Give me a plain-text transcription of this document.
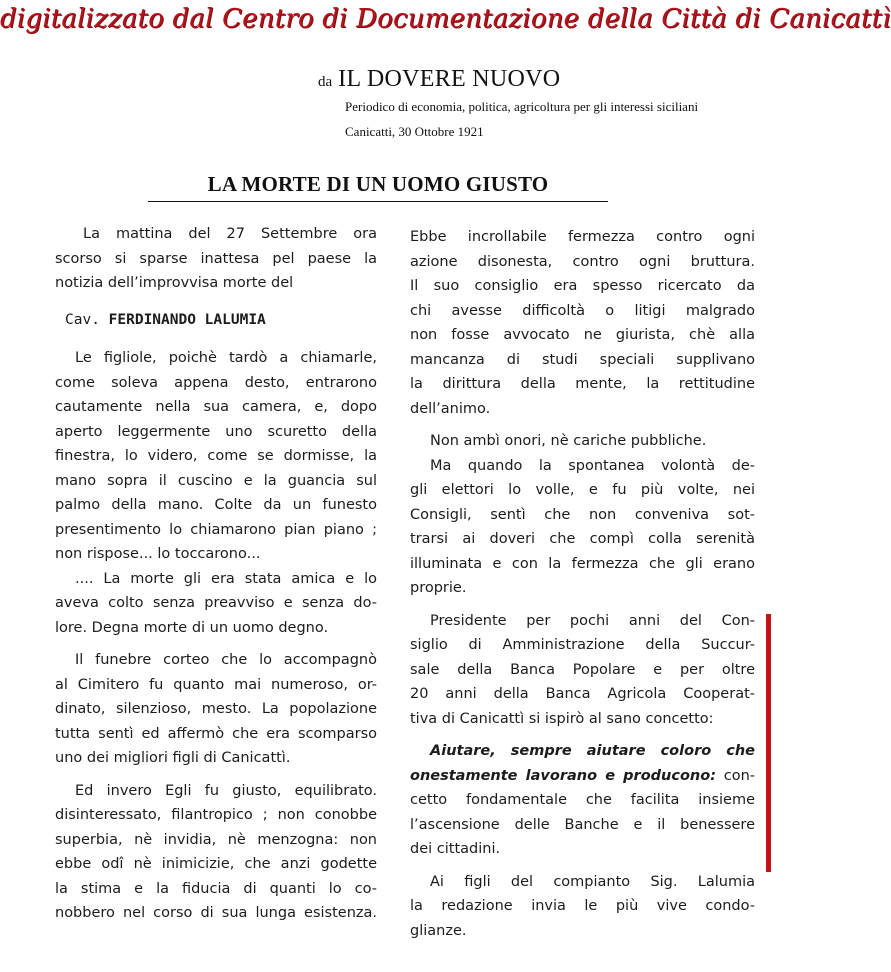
digitalizzato dal Centro di Documentazione della Città di Canicattì
da IL DOVERE NUOVO
Periodico di economia, politica, agricoltura per gli interessi siciliani
Canicatti, 30 Ottobre 1921
LA MORTE DI UN UOMO GIUSTO
La mattina del 27 Settembre ora
scorso si sparse inattesa pel paese la
notizia dell’improvvisa morte del
Cav. FERDINANDO LALUMIA
Le figliole, poichè tardò a chiamarle,
come soleva appena desto, entrarono
cautamente nella sua camera, e, dopo
aperto leggermente uno scuretto della
finestra, lo videro, come se dormisse, la
mano sopra il cuscino e la guancia sul
palmo della mano. Colte da un funesto
presentimento lo chiamarono pian piano ;
non rispose... lo toccarono...
.... La morte gli era stata amica e lo
aveva colto senza preavviso e senza do-
lore. Degna morte di un uomo degno.
Il funebre corteo che lo accompagnò
al Cimitero fu quanto mai numeroso, or-
dinato, silenzioso, mesto. La popolazione
tutta sentì ed affermò che era scomparso
uno dei migliori figli di Canicattì.
Ed invero Egli fu giusto, equilibrato.
disinteressato, filantropico ; non conobbe
superbia, nè invidia, nè menzogna: non
ebbe odî nè inimicizie, che anzi godette
la stima e la fiducia di quanti lo co-
nobbero nel corso di sua lunga esistenza.
Ebbe incrollabile fermezza contro ogni
azione disonesta, contro ogni bruttura.
Il suo consiglio era spesso ricercato da
chi avesse difficoltà o litigi malgrado
non fosse avvocato ne giurista, chè alla
mancanza di studi speciali supplivano
la dirittura della mente, la rettitudine
dell’animo.
Non ambì onori, nè cariche pubbliche.
Ma quando la spontanea volontà de-
gli elettori lo volle, e fu più volte, nei
Consigli, sentì che non conveniva sot-
trarsi ai doveri che compì colla serenità
illuminata e con la fermezza che gli erano
proprie.
Presidente per pochi anni del Con-
siglio di Amministrazione della Succur-
sale della Banca Popolare e per oltre
20 anni della Banca Agricola Cooperat-
tiva di Canicattì si ispirò al sano concetto:
Aiutare, sempre aiutare coloro che
onestamente lavorano e producono: con-
cetto fondamentale che facilita insieme
l’ascensione delle Banche e il benessere
dei cittadini.
Ai figli del compianto Sig. Lalumia
la redazione invia le più vive condo-
glianze.
